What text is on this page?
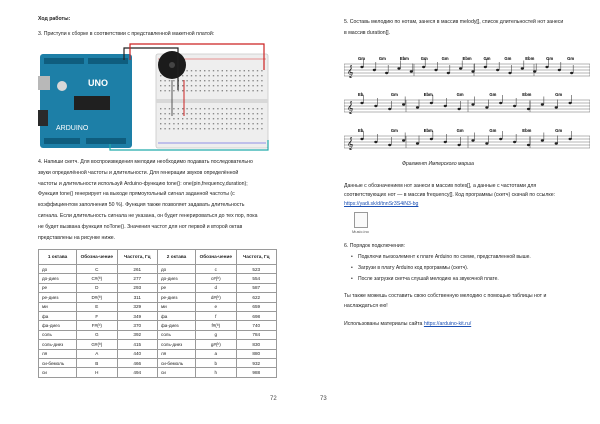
Ход работы:
3. Приступи к сборке в соответствии с представленной макетной платой:
UNO
ARDUINO
4. Напиши скетч. Для воспроизведения мелодии необходимо подавать последовательно
звуки определённой частоты и длительности. Для генерации звуков определённой
частоты и длительности используй Arduino-функцию tone(): one(pin,frequency,duration);
Функция tone() генерирует на выходе прямоугольный сигнал заданной частоты (с
коэффициентом заполнения 50 %). Функция также позволяет задавать длительность
сигнала. Если длительность сигнала не указана, он будет генерироваться до тех пор, пока
не будет вызвана функция noTone(). Значения частот для нот первой и второй октав
представлены на рисунке ниже.
1 октава	Обозна-чение	Частота, Гц	2 октава	Обозна-чение	Частота, Гц
до	C	261	до	c	523
до-диез	C#(ᵇ)	277	до-диез	c#(ᵇ)	554
ре	D	293	ре	d	587
ре-диез	D#(ᵇ)	311	ре-диез	d#(ᵇ)	622
ми	E	329	ми	e	659
фа	F	349	фа	f	698
фа-диез	F#(ᵇ)	370	фа-диез	f#(ᵇ)	740
соль	G	392	соль	g	784
соль-диез	G#(ᵇ)	415	соль-диез	g#(ᵇ)	830
ля	A	440	ля	a	880
си-бемоль	B	466	си-бемоль	b	932
си	H	494	си	h	988
72
5. Составь мелодию по нотам, занеся в массив melody[], список длительностей нот занеси
в массив duration[].
𝄞
Gm	Gm	Ebm	Gm	Gm	Ebm	Gm	Gm	Ebm	Gm	Gm
𝄞
Eb	Gm	Ebm	Gm	Gm	Ebm	Gm
𝄞
Eb	Gm	Ebm	Gm	Gm	Ebm	Gm
Фрагмент Имперского марша
Данные с обозначением нот занеси в массив notes[], а данные с частотами для
соответствующих нот — в массив frequency[]. Код программы (скетч) скачай по ссылке:
https://yadi.sk/d/tnnSr3S4iN3-bg
Music.ino
6. Порядок подключения:
• Подключи пьезоэлемент к плате Arduino по схеме, представленной выше.
• Загрузи в плату Arduino код программы (скетч).
• После загрузки скетча слушай мелодию на звукочной плате.
Ты также можешь составить свою собственную мелодию с помощью таблицы нот и
наслаждаться ею!
Использованы материалы сайта https://arduino-kit.ru/
73
